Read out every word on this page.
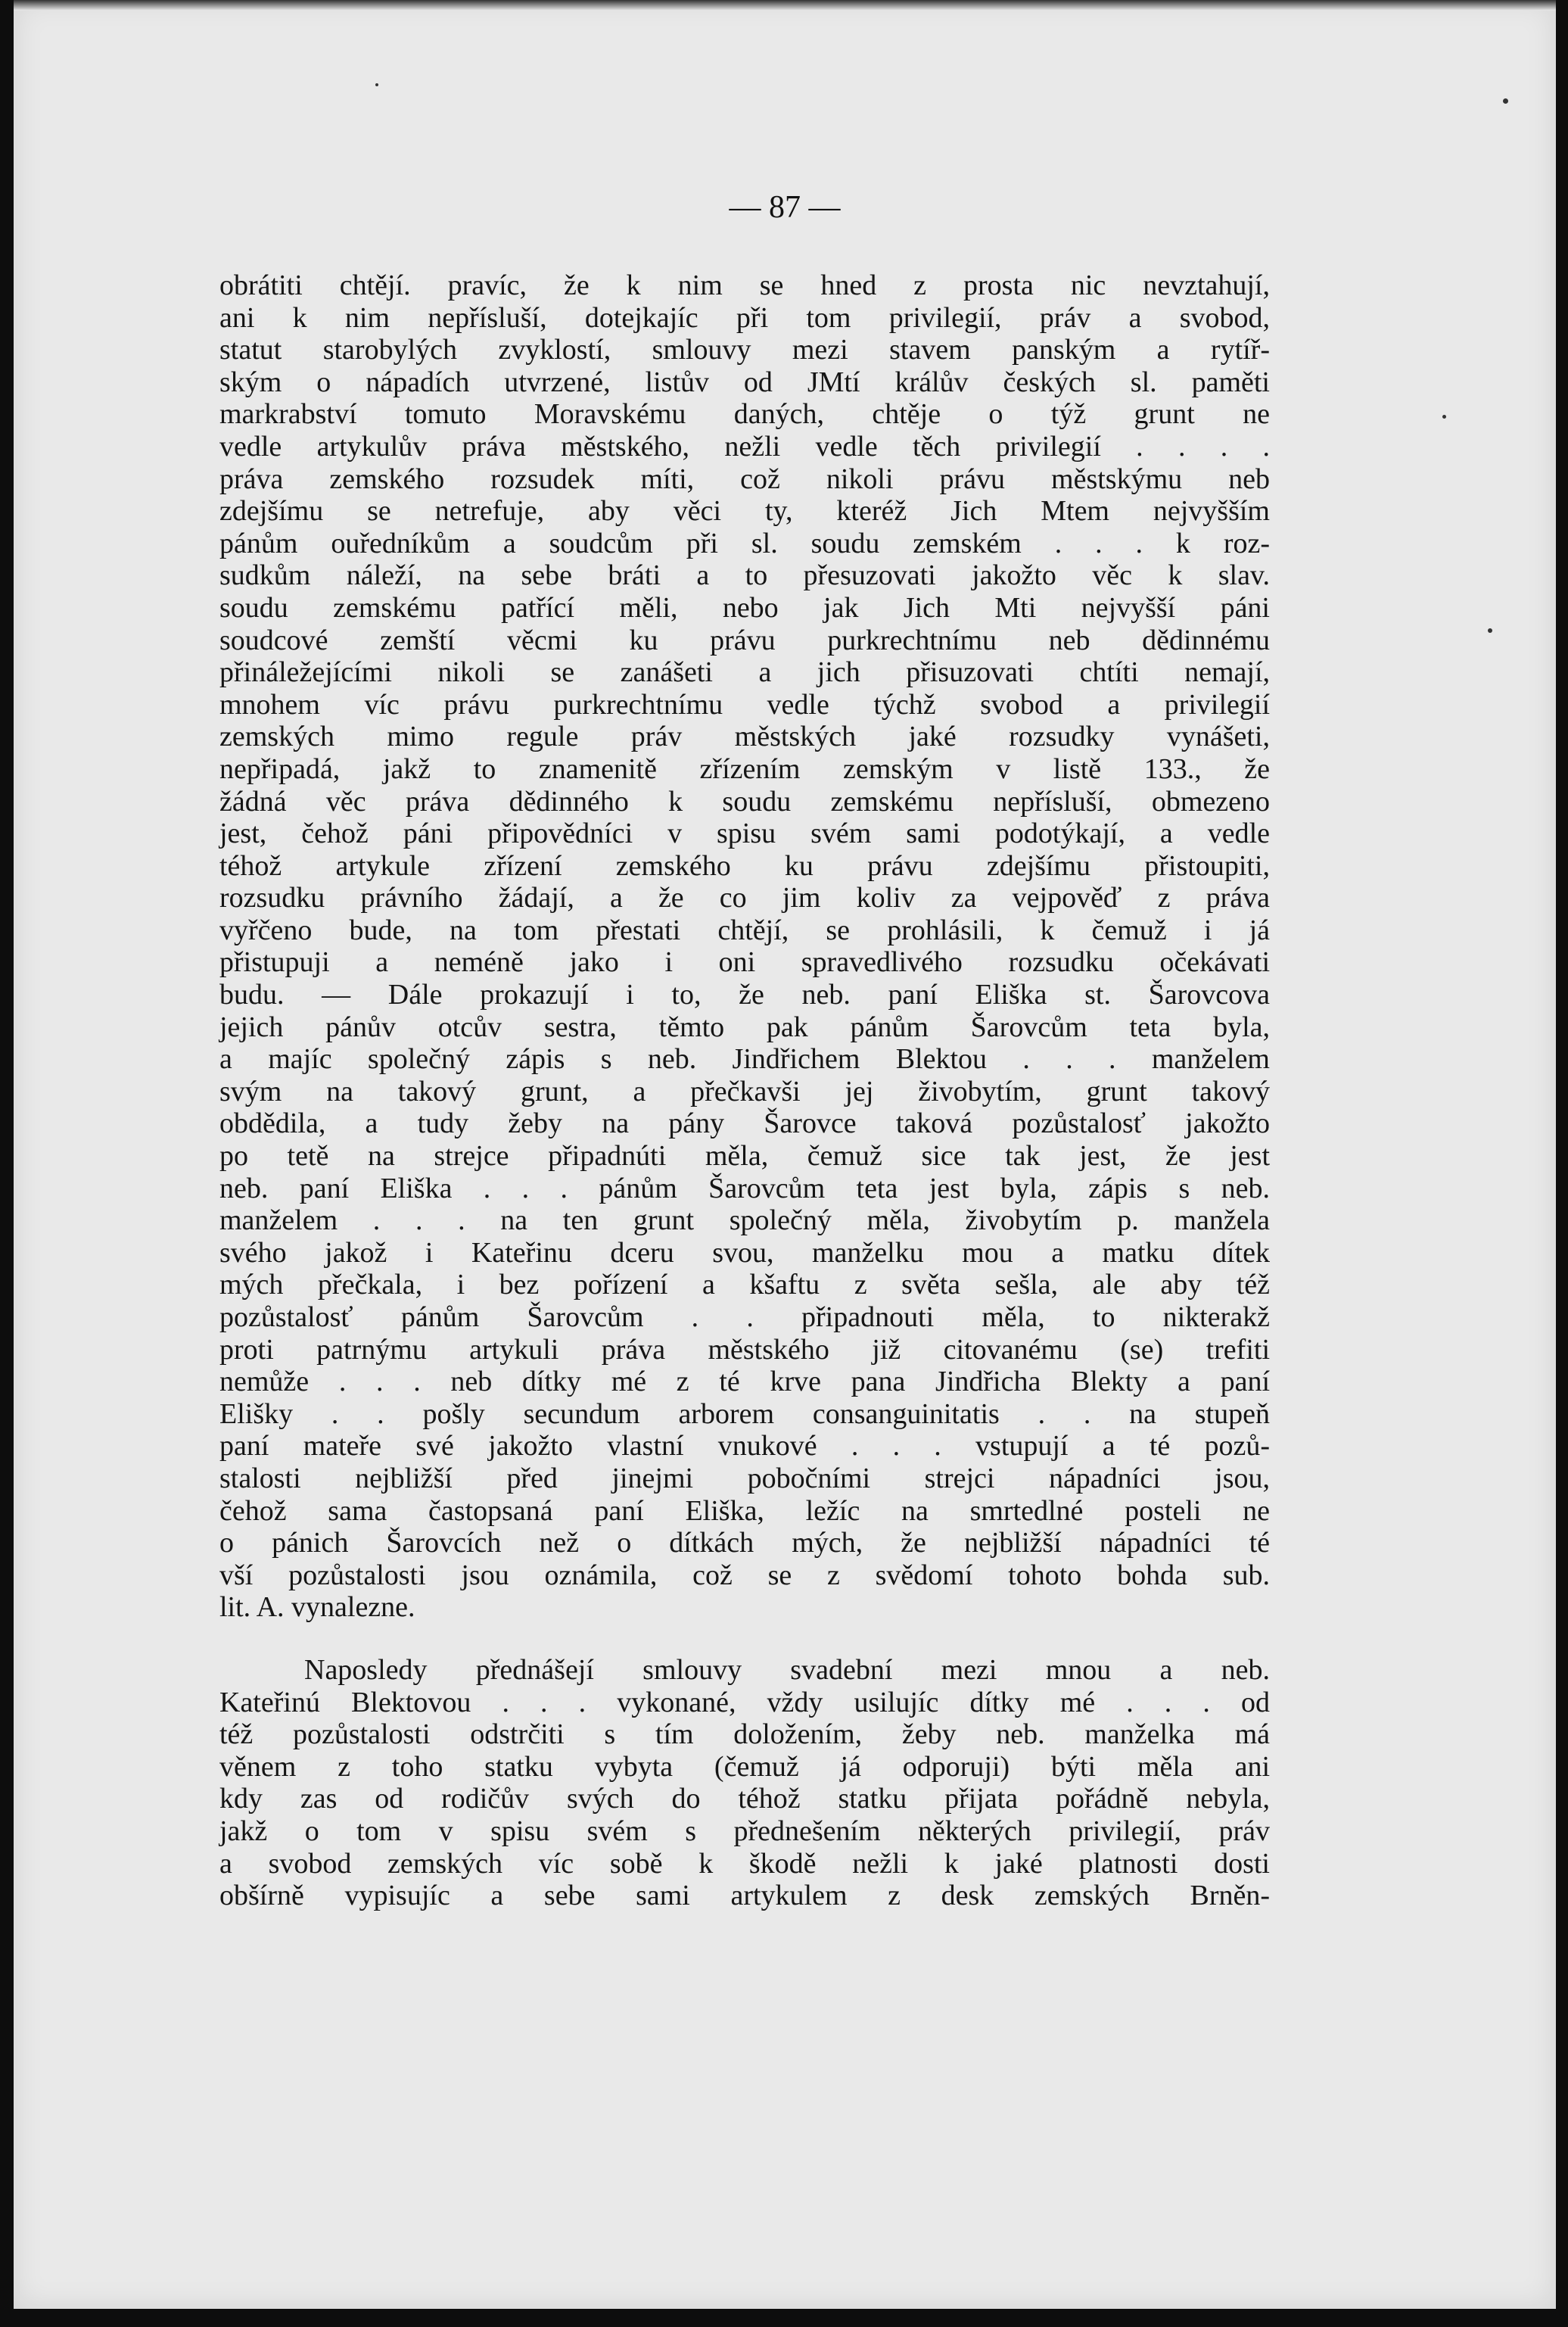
— 87 —
obrátiti chtějí. pravíc, že k nim se hned z prosta nic nevztahují,
ani k nim nepřísluší, dotejkajíc při tom privilegií, práv a svobod,
statut starobylých zvyklostí, smlouvy mezi stavem panským a rytíř-
ským o nápadích utvrzené, listův od JMtí králův českých sl. paměti
markrabství tomuto Moravskému daných, chtěje o týž grunt ne
vedle artykulův práva městského, nežli vedle těch privilegií . . . .
práva zemského rozsudek míti, což nikoli právu městskýmu neb
zdejšímu se netrefuje, aby věci ty, kteréž Jich Mtem nejvyšším
pánům ouředníkům a soudcům při sl. soudu zemském . . . k roz-
sudkům náleží, na sebe bráti a to přesuzovati jakožto věc k slav.
soudu zemskému patřící měli, nebo jak Jich Mti nejvyšší páni
soudcové zemští věcmi ku právu purkrechtnímu neb dědinnému
přináležejícími nikoli se zanášeti a jich přisuzovati chtíti nemají,
mnohem víc právu purkrechtnímu vedle týchž svobod a privilegií
zemských mimo regule práv městských jaké rozsudky vynášeti,
nepřipadá, jakž to znamenitě zřízením zemským v listě 133., že
žádná věc práva dědinného k soudu zemskému nepřísluší, obmezeno
jest, čehož páni připovědníci v spisu svém sami podotýkají, a vedle
téhož artykule zřízení zemského ku právu zdejšímu přistoupiti,
rozsudku právního žádají, a že co jim koliv za vejpověď z práva
vyřčeno bude, na tom přestati chtějí, se prohlásili, k čemuž i já
přistupuji a neméně jako i oni spravedlivého rozsudku očekávati
budu. — Dále prokazují i to, že neb. paní Eliška st. Šarovcova
jejich pánův otcův sestra, těmto pak pánům Šarovcům teta byla,
a majíc společný zápis s neb. Jindřichem Blektou . . . manželem
svým na takový grunt, a přečkavši jej živobytím, grunt takový
obdědila, a tudy žeby na pány Šarovce taková pozůstalosť jakožto
po tetě na strejce připadnúti měla, čemuž sice tak jest, že jest
neb. paní Eliška . . . pánům Šarovcům teta jest byla, zápis s neb.
manželem . . . na ten grunt společný měla, živobytím p. manžela
svého jakož i Kateřinu dceru svou, manželku mou a matku dítek
mých přečkala, i bez pořízení a kšaftu z světa sešla, ale aby též
pozůstalosť pánům Šarovcům . . připadnouti měla, to nikterakž
proti patrnýmu artykuli práva městského již citovanému (se) trefiti
nemůže . . . neb dítky mé z té krve pana Jindřicha Blekty a paní
Elišky . . pošly secundum arborem consanguinitatis . . na stupeň
paní mateře své jakožto vlastní vnukové . . . vstupují a té pozů-
stalosti nejbližší před jinejmi pobočními strejci nápadníci jsou,
čehož sama častopsaná paní Eliška, ležíc na smrtedlné posteli ne
o pánich Šarovcích než o dítkách mých, že nejbližší nápadníci té
vší pozůstalosti jsou oznámila, což se z svědomí tohoto bohda sub.
lit. A. vynalezne.
Naposledy přednášejí smlouvy svadební mezi mnou a neb.
Kateřinú Blektovou . . . vykonané, vždy usilujíc dítky mé . . . od
též pozůstalosti odstrčiti s tím doložením, žeby neb. manželka má
věnem z toho statku vybyta (čemuž já odporuji) býti měla ani
kdy zas od rodičův svých do téhož statku přijata pořádně nebyla,
jakž o tom v spisu svém s přednešením některých privilegií, práv
a svobod zemských víc sobě k škodě nežli k jaké platnosti dosti
obšírně vypisujíc a sebe sami artykulem z desk zemských Brněn-
